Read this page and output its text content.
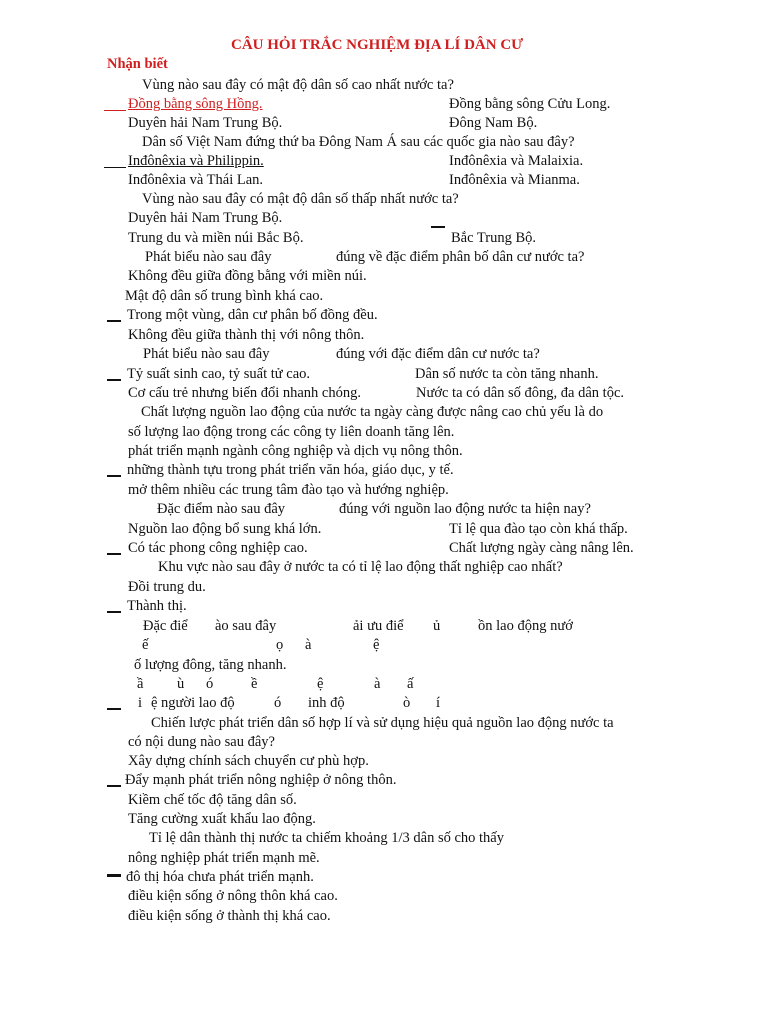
CÂU HỎI TRẮC NGHIỆM ĐỊA LÍ DÂN CƯ
Nhận biết
Vùng nào sau đây có mật độ dân số cao nhất nước ta?
Đồng bằng sông Hồng.	Đồng bằng sông Cửu Long.
Duyên hải Nam Trung Bộ.	Đông Nam Bộ.
Dân số Việt Nam đứng thứ ba Đông Nam Á sau các quốc gia nào sau đây?
Inđônêxia và Philippin.	Inđônêxia và Malaixia.
Inđônêxia và Thái Lan.	Inđônêxia và Mianma.
Vùng nào sau đây có mật độ dân số thấp nhất nước ta?
Duyên hải Nam Trung Bộ.
Trung du và miền núi Bắc Bộ.	Bắc Trung Bộ.
Phát biểu nào sau đây	đúng về đặc điểm phân bố dân cư nước ta?
Không đều giữa đồng bằng với miền núi.
Mật độ dân số trung bình khá cao.
Trong một vùng, dân cư phân bố đồng đều.
Không đều giữa thành thị với nông thôn.
Phát biểu nào sau đây	đúng với đặc điểm dân cư nước ta?
Tỷ suất sinh cao, tỷ suất tử cao.	Dân số nước ta còn tăng nhanh.
Cơ cấu trẻ nhưng biến đổi nhanh chóng.	Nước ta có dân số đông, đa dân tộc.
Chất lượng nguồn lao động của nước ta ngày càng được nâng cao chủ yếu là do
số lượng lao động trong các công ty liên doanh tăng lên.
phát triển mạnh ngành công nghiệp và dịch vụ nông thôn.
những thành tựu trong phát triển văn hóa, giáo dục, y tế.
mở thêm nhiều các trung tâm đào tạo và hướng nghiệp.
Đặc điểm nào sau đây	đúng với nguồn lao động nước ta hiện nay?
Nguồn lao động bổ sung khá lớn.	Tỉ lệ qua đào tạo còn khá thấp.
Có tác phong công nghiệp cao.	Chất lượng ngày càng nâng lên.
Khu vực nào sau đây ở nước ta có tỉ lệ lao động thất nghiệp cao nhất?
Đồi trung du.
Thành thị.
Đặc điể ào sau đây	ải ưu điể ủ	ồn lao động nướ
ế	ọ à	ệ
ố lượng đông, tăng nhanh.
ầ ù ó	ề	ệ	à ấ
i ệ người lao độ	ó inh độ	ò í
Chiến lược phát triển dân số hợp lí và sử dụng hiệu quả nguồn lao động nước ta
có nội dung nào sau đây?
Xây dựng chính sách chuyển cư phù hợp.
Đẩy mạnh phát triển nông nghiệp ở nông thôn.
Kiềm chế tốc độ tăng dân số.
Tăng cường xuất khẩu lao động.
Tỉ lệ dân thành thị nước ta chiếm khoảng 1/3 dân số cho thấy
nông nghiệp phát triển mạnh mẽ.
đô thị hóa chưa phát triển mạnh.
điều kiện sống ở nông thôn khá cao.
điều kiện sống ở thành thị khá cao.
